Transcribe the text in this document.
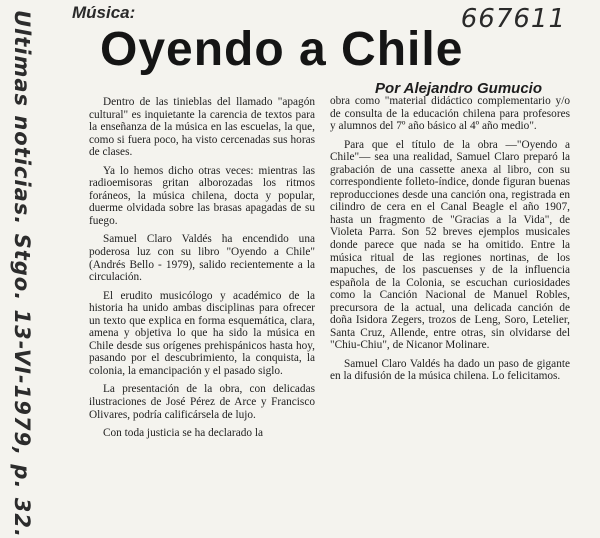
Ultimas noticias. Stgo. 13-VI-1979, p. 32.	667611
Música:
Oyendo a Chile
Por Alejandro Gumucio

Dentro de las tinieblas del llamado "apagón cultural" es inquietante la carencia de textos para la enseñanza de la música en las escuelas, la que, como si fuera poco, ha visto cercenadas sus horas de clases.

Ya lo hemos dicho otras veces: mientras las radioemisoras gritan alborozadas los ritmos foráneos, la música chilena, docta y popular, duerme olvidada sobre las brasas apagadas de su fuego.

Samuel Claro Valdés ha encendido una poderosa luz con su libro "Oyendo a Chile" (Andrés Bello - 1979), salido recientemente a la circulación.

El erudito musicólogo y académico de la historia ha unido ambas disciplinas para ofrecer un texto que explica en forma esquemática, clara, amena y objetiva lo que ha sido la música en Chile desde sus orígenes prehispánicos hasta hoy, pasando por el descubrimiento, la conquista, la colonia, la emancipación y el pasado siglo.

La presentación de la obra, con delicadas ilustraciones de José Pérez de Arce y Francisco Olivares, podría calificársela de lujo.

Con toda justicia se ha declarado la

obra como "material didáctico complementario y/o de consulta de la educación chilena para profesores y alumnos del 7º año básico al 4º año medio".

Para que el título de la obra —"Oyendo a Chile"— sea una realidad, Samuel Claro preparó la grabación de una cassette anexa al libro, con su correspondiente folleto-índice, donde figuran buenas reproducciones desde una canción ona, registrada en cilindro de cera en el Canal Beagle el año 1907, hasta un fragmento de "Gracias a la Vida", de Violeta Parra. Son 52 breves ejemplos musicales donde parece que nada se ha omitido. Entre la música ritual de las regiones nortinas, de los mapuches, de los pascuenses y de la influencia española de la Colonia, se escuchan curiosidades como la Canción Nacional de Manuel Robles, precursora de la actual, una delicada canción de doña Isidora Zegers, trozos de Leng, Soro, Letelier, Santa Cruz, Allende, entre otras, sin olvidarse del "Chiu-Chiu", de Nicanor Molinare.

Samuel Claro Valdés ha dado un paso de gigante en la difusión de la música chilena. Lo felicitamos.
